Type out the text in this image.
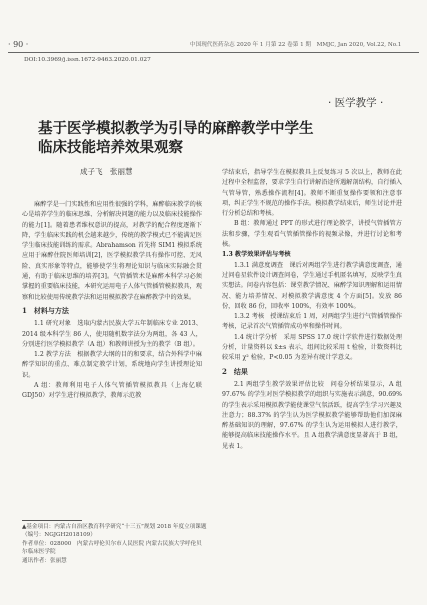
· 90 ·	中国现代医药杂志 2020 年 1 月第 22 卷第 1 期　MMJC, Jan 2020, Vol.22, No.1
DOI:10.3969/j.issn.1672-9463.2020.01.027
· 医学教学 ·
基于医学模拟教学为引导的麻醉教学中学生
临床技能培养效果观察
成子飞　张丽慧

麻醉学是一门实践性和应用性很强的学科，麻醉临床教学的核心是培养学生的临床思维、分析解决问题的能力以及临床技能操作的能力[1]。随着患者维权意识的提高，对教学的配合程度逐渐下降，学生临床实践的机会越来越少，传统的教学模式已不能满足医学生临床技能训练的需求。Abrahamson 首先将 SIM1 模拟系统应用于麻醉住院医师培训[2]，医学模拟教学具有操作可控、无风险、真实形象等特点，能够使学生将理论知识与临床实际融会贯通，有助于临床思维的培养[3]。气管插管术是麻醉本科学习必须掌握的重要临床技能，本研究运用电子人体气管插管模拟教具，观察和比较使用传统教学法和运用模拟教学在麻醉教学中的效果。

1　材料与方法

1.1 研究对象　选取内蒙古民族大学五年制临床专业 2013、2014 级本科学生 86 人，使用随机数字法分为两组，各 43 人，分别进行医学模拟教学（A 组）和教师讲授为主的教学（B 组）。

1.2 教学方法　根据教学大纲的目的和要求，结合外科学中麻醉学知识的重点、难点制定教学计划，系统地向学生讲授理论知识。

A 组：教师利用电子人体气管插管模拟教具（上海亿联 GDJ50）对学生进行模拟教学，教师示范教

学结束后，指导学生在模拟教具上反复练习 5 次以上，教师在此过程中全程监督，要求学生自行讲解沿途所遇解剖结构，自行插入气管导管，熟悉操作流程[4]。教师不断重复操作要领和注意事项，纠正学生不规范的操作手法。模拟教学结束后，师生讨论并进行分析总结和考核。

B 组：教师通过 PPT 的形式进行理论教学，讲授气管插管方法和步骤，学生观看气管插管操作的视频录像，并进行讨论和考核。

1.3 教学效果评估与考核

1.3.1 满意度调查　课后对两组学生进行教学满意度调查，通过问卷星软件设计调查问卷，学生通过手机匿名填写，反映学生真实想法。问卷内容包括：课堂教学情况、麻醉学知识理解和运用情况、能力培养情况、对模拟教学满意度 4 个方面[5]。发放 86份，回收 86 份，回收率 100%，有效率 100%。

1.3.2 考核　授课结束后 1 周，对两组学生进行气管插管操作考核，记录首次气管插管成功率和操作时间。

1.4 统计学分析　采用 SPSS 17.0 统计学软件进行数据处理分析，计量资料以 x̄±s 表示，组间比较采用 t 检验，计数资料比较采用 χ² 检验，P<0.05 为差异有统计学意义。

2　结果

2.1 两组学生教学效果评估比较　问卷分析结果显示，A 组 97.67% 的学生对医学模拟教学的组织与实施表示满意，90.69% 的学生表示采用模拟教学能使课堂气氛活跃，提高学生学习兴趣及注意力；88.37% 的学生认为医学模拟教学能够帮助他们加深麻醉基础知识的理解，97.67% 的学生认为运用模拟人进行教学，能够提高临床技能操作水平。且 A 组教学满意度显著高于 B 组，见表 1。

▲基金项目：内蒙古自治区教育科学研究“十三五”规划 2018 年度立项课题（编号：NGJGH2018109）

作者单位：028000　内蒙古呼伦贝尔市人民医院 内蒙古民族大学呼伦贝尔临床医学院

通讯作者：张丽慧
